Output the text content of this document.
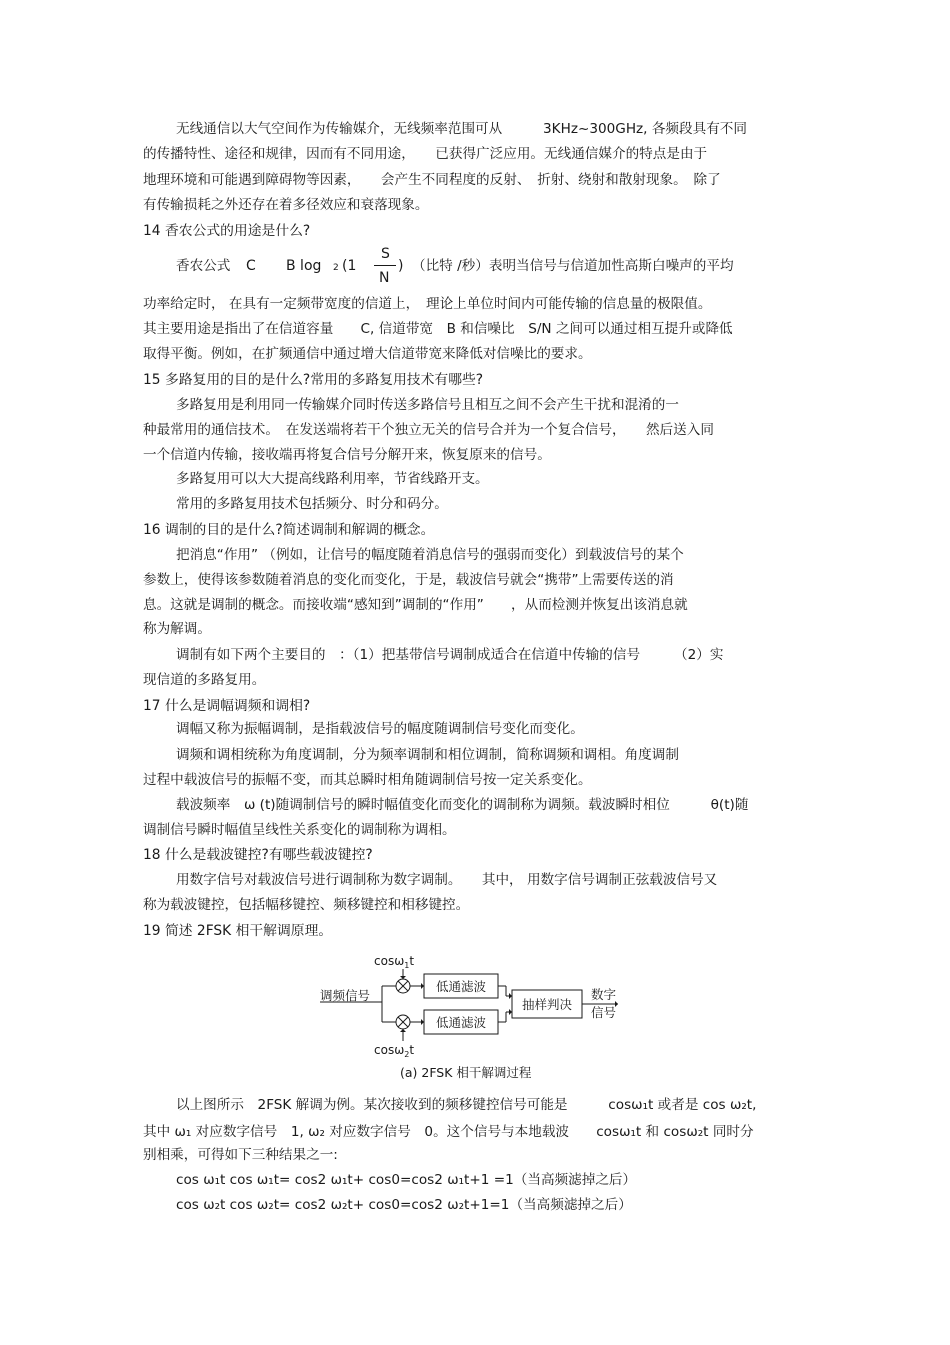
无线通信以大气空间作为传输媒介，无线频率范围可从　　　3KHz~300GHz, 各频段具有不同
的传播特性、途径和规律，因而有不同用途，　　已获得广泛应用。无线通信媒介的特点是由于
地理环境和可能遇到障碍物等因素，　　会产生不同程度的反射、　折射、绕射和散射现象。　除了
有传输损耗之外还存在着多径效应和衰落现象。
14 香农公式的用途是什么?
香农公式 C B log 2 (1
S
N
) （比特 /秒）表明当信号与信道加性高斯白噪声的平均
功率给定时， 在具有一定频带宽度的信道上，　理论上单位时间内可能传输的信息量的极限值。
其主要用途是指出了在信道容量　　C, 信道带宽　B 和信噪比　S/N 之间可以通过相互提升或降低
取得平衡。例如，在扩频通信中通过增大信道带宽来降低对信噪比的要求。
15 多路复用的目的是什么?常用的多路复用技术有哪些?
多路复用是利用同一传输媒介同时传送多路信号且相互之间不会产生干扰和混淆的一
种最常用的通信技术。　在发送端将若干个独立无关的信号合并为一个复合信号，　　然后送入同
一个信道内传输，接收端再将复合信号分解开来，恢复原来的信号。
多路复用可以大大提高线路利用率，节省线路开支。
常用的多路复用技术包括频分、时分和码分。
16 调制的目的是什么?简述调制和解调的概念。
把消息“作用” （例如，让信号的幅度随着消息信号的强弱而变化）到载波信号的某个
参数上，使得该参数随着消息的变化而变化，于是，载波信号就会“携带”上需要传送的消
息。这就是调制的概念。而接收端“感知到”调制的“作用”　　，从而检测并恢复出该消息就
称为解调。
调制有如下两个主要目的　：（1）把基带信号调制成适合在信道中传输的信号　　　（2）实
现信道的多路复用。
17 什么是调幅调频和调相?
调幅又称为振幅调制，是指载波信号的幅度随调制信号变化而变化。
调频和调相统称为角度调制，分为频率调制和相位调制，简称调频和调相。角度调制
过程中载波信号的振幅不变，而其总瞬时相角随调制信号按一定关系变化。
载波频率　ω (t)随调制信号的瞬时幅值变化而变化的调制称为调频。载波瞬时相位　　　θ(t)随
调制信号瞬时幅值呈线性关系变化的调制称为调相。
18 什么是载波键控?有哪些载波键控?
用数字信号对载波信号进行调制称为数字调制。　　其中， 用数字信号调制正弦载波信号又
称为载波键控，包括幅移键控、频移键控和相移键控。
19 简述 2FSK 相干解调原理。
cosω$_1$t
调频信号
低通滤波
低通滤波
抽样判决
数字
信号
cosω$_2$t
(a) 2FSK 相干解调过程
以上图所示　2FSK 解调为例。某次接收到的频移键控信号可能是　　　cosω₁t 或者是 cos ω₂t,
其中 ω₁ 对应数字信号　1, ω₂ 对应数字信号　0。这个信号与本地载波　　cosω₁t 和 cosω₂t 同时分
别相乘，可得如下三种结果之一:
cos ω₁t cos ω₁t= cos2 ω₁t+ cos0=cos2 ω₁t+1 =1（当高频滤掉之后）
cos ω₂t cos ω₂t= cos2 ω₂t+ cos0=cos2 ω₂t+1=1（当高频滤掉之后）
